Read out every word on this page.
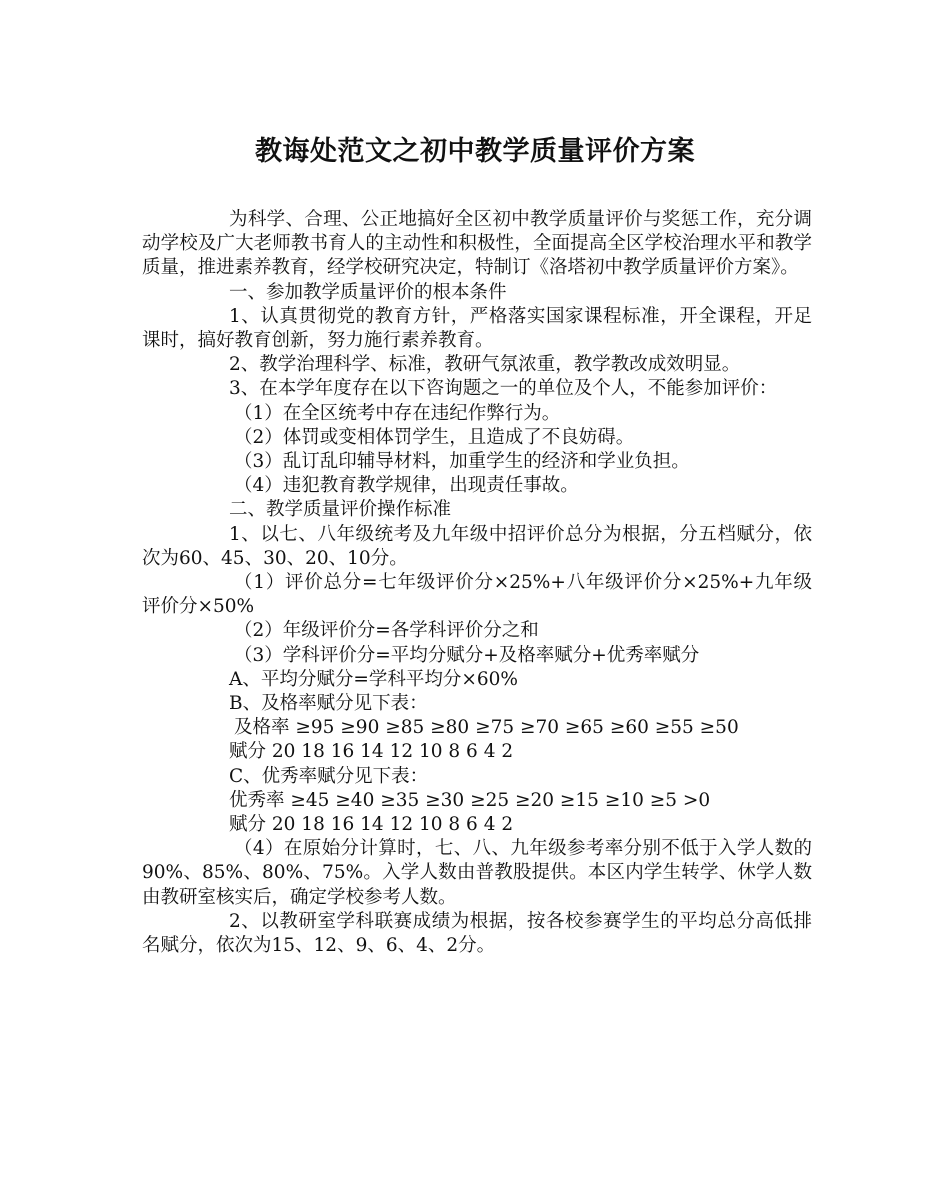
教诲处范文之初中教学质量评价方案

为科学、合理、公正地搞好全区初中教学质量评价与奖惩工作，充分调动学校及广大老师教书育人的主动性和积极性，全面提高全区学校治理水平和教学质量，推进素养教育，经学校研究决定，特制订《洛塔初中教学质量评价方案》。

一、参加教学质量评价的根本条件

1、认真贯彻党的教育方针，严格落实国家课程标准，开全课程，开足课时，搞好教育创新，努力施行素养教育。

2、教学治理科学、标准，教研气氛浓重，教学教改成效明显。

3、在本学年度存在以下咨询题之一的单位及个人，不能参加评价：

（1）在全区统考中存在违纪作弊行为。

（2）体罚或变相体罚学生，且造成了不良妨碍。

（3）乱订乱印辅导材料，加重学生的经济和学业负担。

（4）违犯教育教学规律，出现责任事故。

二、教学质量评价操作标准

1、以七、八年级统考及九年级中招评价总分为根据，分五档赋分，依次为60、45、30、20、10分。

（1）评价总分=七年级评价分×25%+八年级评价分×25%+九年级评价分×50%

（2）年级评价分=各学科评价分之和

（3）学科评价分=平均分赋分+及格率赋分+优秀率赋分

A、平均分赋分=学科平均分×60%

B、及格率赋分见下表：

及格率 ≥95 ≥90 ≥85 ≥80 ≥75 ≥70 ≥65 ≥60 ≥55 ≥50

赋分 20 18 16 14 12 10 8 6 4 2

C、优秀率赋分见下表：

优秀率 ≥45 ≥40 ≥35 ≥30 ≥25 ≥20 ≥15 ≥10 ≥5 >0

赋分 20 18 16 14 12 10 8 6 4 2

（4）在原始分计算时，七、八、九年级参考率分别不低于入学人数的90%、85%、80%、75%。入学人数由普教股提供。本区内学生转学、休学人数由教研室核实后，确定学校参考人数。

2、以教研室学科联赛成绩为根据，按各校参赛学生的平均总分高低排名赋分，依次为15、12、9、6、4、2分。
